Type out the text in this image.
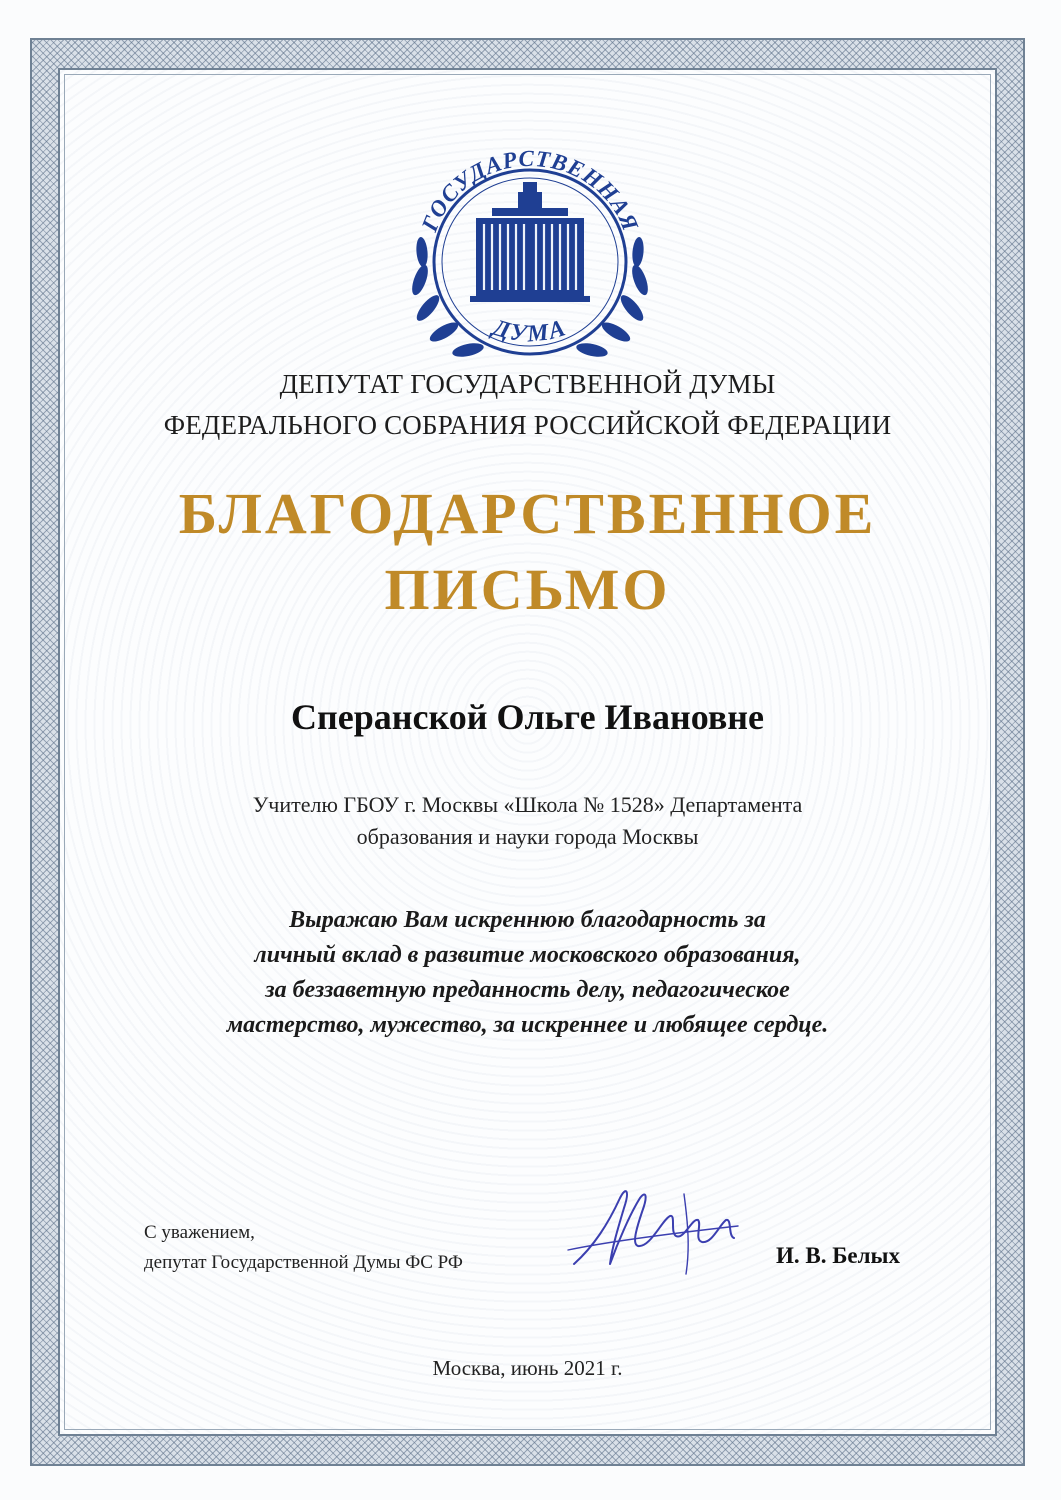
ГОСУДАРСТВЕННАЯ
ДУМА
ДЕПУТАТ ГОСУДАРСТВЕННОЙ ДУМЫ
ФЕДЕРАЛЬНОГО СОБРАНИЯ РОССИЙСКОЙ ФЕДЕРАЦИИ
БЛАГОДАРСТВЕННОЕ
ПИСЬМО
Сперанской Ольге Ивановне
Учителю ГБОУ г. Москвы «Школа № 1528» Департамента
образования и науки города Москвы
Выражаю Вам искреннюю благодарность за
личный вклад в развитие московского образования,
за беззаветную преданность делу, педагогическое
мастерство, мужество, за искреннее и любящее сердце.
С уважением,
депутат Государственной Думы ФС РФ	И. В. Белых
Москва, июнь 2021 г.
